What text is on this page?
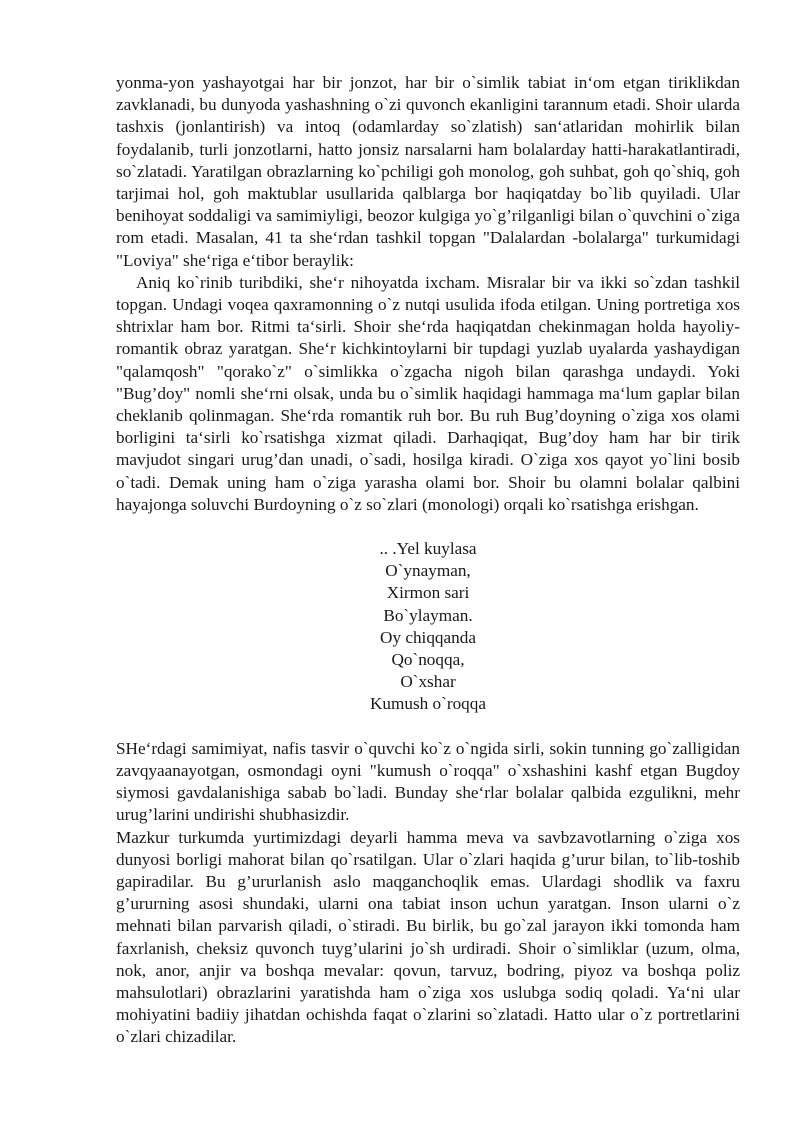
yonma-yon yashayotgai har bir jonzot, har bir o`simlik tabiat in‘om etgan tiriklikdan zavklanadi, bu dunyoda yashashning o`zi quvonch ekanligini tarannum etadi. Shoir ularda tashxis (jonlantirish) va intoq (odamlarday so`zlatish) san‘atlaridan mohirlik bilan foydalanib, turli jonzotlarni, hatto jonsiz narsalarni ham bolalarday hatti-harakatlantiradi, so`zlatadi. Yaratilgan obrazlarning ko`pchiligi goh monolog, goh suhbat, goh qo`shiq, goh tarjimai hol, goh maktublar usullarida qalblarga bor haqiqatday bo`lib quyiladi. Ular benihoyat soddaligi va samimiyligi, beozor kulgiga yo`g’rilganligi bilan o`quvchini o`ziga rom etadi. Masalan, 41 ta she‘rdan tashkil topgan "Dalalardan -bolalarga" turkumidagi "Loviya" she‘riga e‘tibor beraylik:

Aniq ko`rinib turibdiki, she‘r nihoyatda ixcham. Misralar bir va ikki so`zdan tashkil topgan. Undagi voqea qaxramonning o`z nutqi usulida ifoda etilgan. Uning portretiga xos shtrixlar ham bor. Ritmi ta‘sirli. Shoir she‘rda haqiqatdan chekinmagan holda hayoliy-romantik obraz yaratgan. She‘r kichkintoylarni bir tupdagi yuzlab uyalarda yashaydigan "qalamqosh" "qorako`z" o`simlikka o`zgacha nigoh bilan qarashga undaydi. Yoki "Bug’doy" nomli she‘rni olsak, unda bu o`simlik haqidagi hammaga ma‘lum gaplar bilan cheklanib qolinmagan. She‘rda romantik ruh bor. Bu ruh Bug’doyning o`ziga xos olami borligini ta‘sirli ko`rsatishga xizmat qiladi. Darhaqiqat, Bug’doy ham har bir tirik mavjudot singari urug’dan unadi, o`sadi, hosilga kiradi. O`ziga xos qayot yo`lini bosib o`tadi. Demak uning ham o`ziga yarasha olami bor. Shoir bu olamni bolalar qalbini hayajonga soluvchi Burdoyning o`z so`zlari (monologi) orqali ko`rsatishga erishgan.

.. .Yel kuylasa
O`ynayman,
Xirmon sari
Bo`ylayman.
Oy chiqqanda
Qo`noqqa,
O`xshar
Kumush o`roqqa

SHe‘rdagi samimiyat, nafis tasvir o`quvchi ko`z o`ngida sirli, sokin tunning go`zalligidan zavqyaanayotgan, osmondagi oyni "kumush o`roqqa" o`xshashini kashf etgan Bugdoy siymosi gavdalanishiga sabab bo`ladi. Bunday she‘rlar bolalar qalbida ezgulikni, mehr urug’larini undirishi shubhasizdir.

Mazkur turkumda yurtimizdagi deyarli hamma meva va savbzavotlarning o`ziga xos dunyosi borligi mahorat bilan qo`rsatilgan. Ular o`zlari haqida g’urur bilan, to`lib-toshib gapiradilar. Bu g’ururlanish aslo maqganchoqlik emas. Ulardagi shodlik va faxru g’ururning asosi shundaki, ularni ona tabiat inson uchun yaratgan. Inson ularni o`z mehnati bilan parvarish qiladi, o`stiradi. Bu birlik, bu go`zal jarayon ikki tomonda ham faxrlanish, cheksiz quvonch tuyg’ularini jo`sh urdiradi. Shoir o`simliklar (uzum, olma, nok, anor, anjir va boshqa mevalar: qovun, tarvuz, bodring, piyoz va boshqa poliz mahsulotlari) obrazlarini yaratishda ham o`ziga xos uslubga sodiq qoladi. Ya‘ni ular mohiyatini badiiy jihatdan ochishda faqat o`zlarini so`zlatadi. Hatto ular o`z portretlarini o`zlari chizadilar.
